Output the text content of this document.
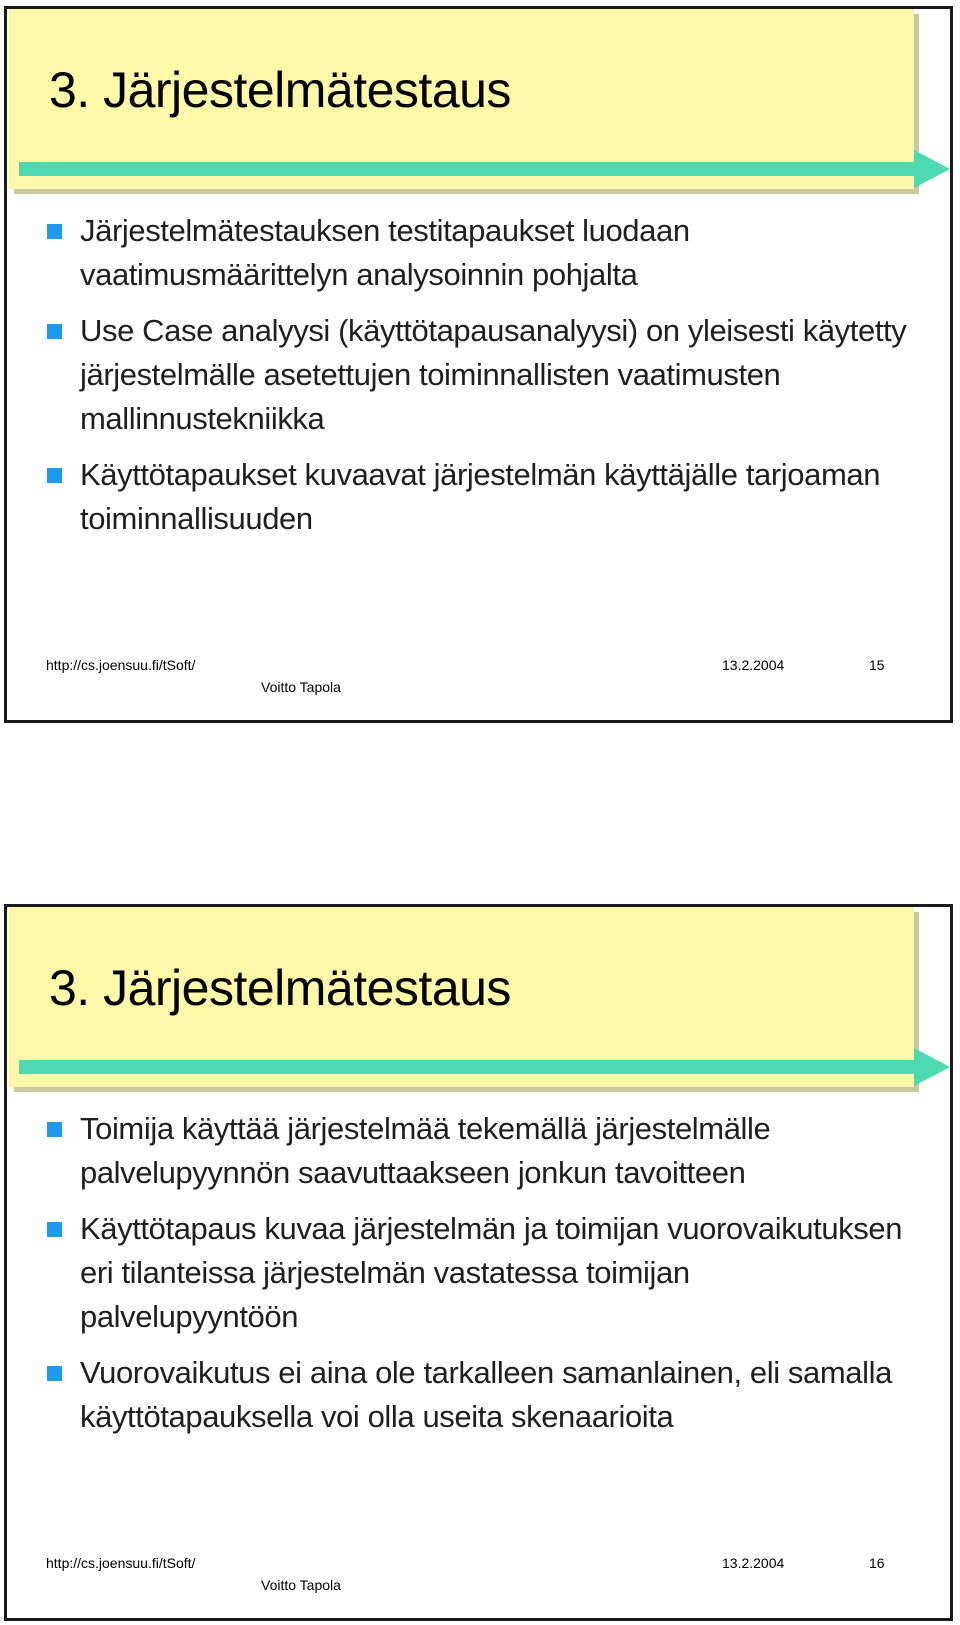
3. Järjestelmätestaus
Järjestelmätestauksen testitapaukset luodaan vaatimusmäärittelyn analysoinnin pohjalta
Use Case analyysi (käyttötapausanalyysi) on yleisesti käytetty järjestelmälle asetettujen toiminnallisten vaatimusten mallinnustekniikka
Käyttötapaukset kuvaavat järjestelmän käyttäjälle tarjoaman toiminnallisuuden
http://cs.joensuu.fi/tSoft/	13.2.2004	15
Voitto Tapola
3. Järjestelmätestaus
Toimija käyttää järjestelmää tekemällä järjestelmälle palvelupyynnön saavuttaakseen jonkun tavoitteen
Käyttötapaus kuvaa järjestelmän ja toimijan vuorovaikutuksen eri tilanteissa järjestelmän vastatessa toimijan palvelupyyntöön
Vuorovaikutus ei aina ole tarkalleen samanlainen, eli samalla käyttötapauksella voi olla useita skenaarioita
http://cs.joensuu.fi/tSoft/	13.2.2004	16
Voitto Tapola
